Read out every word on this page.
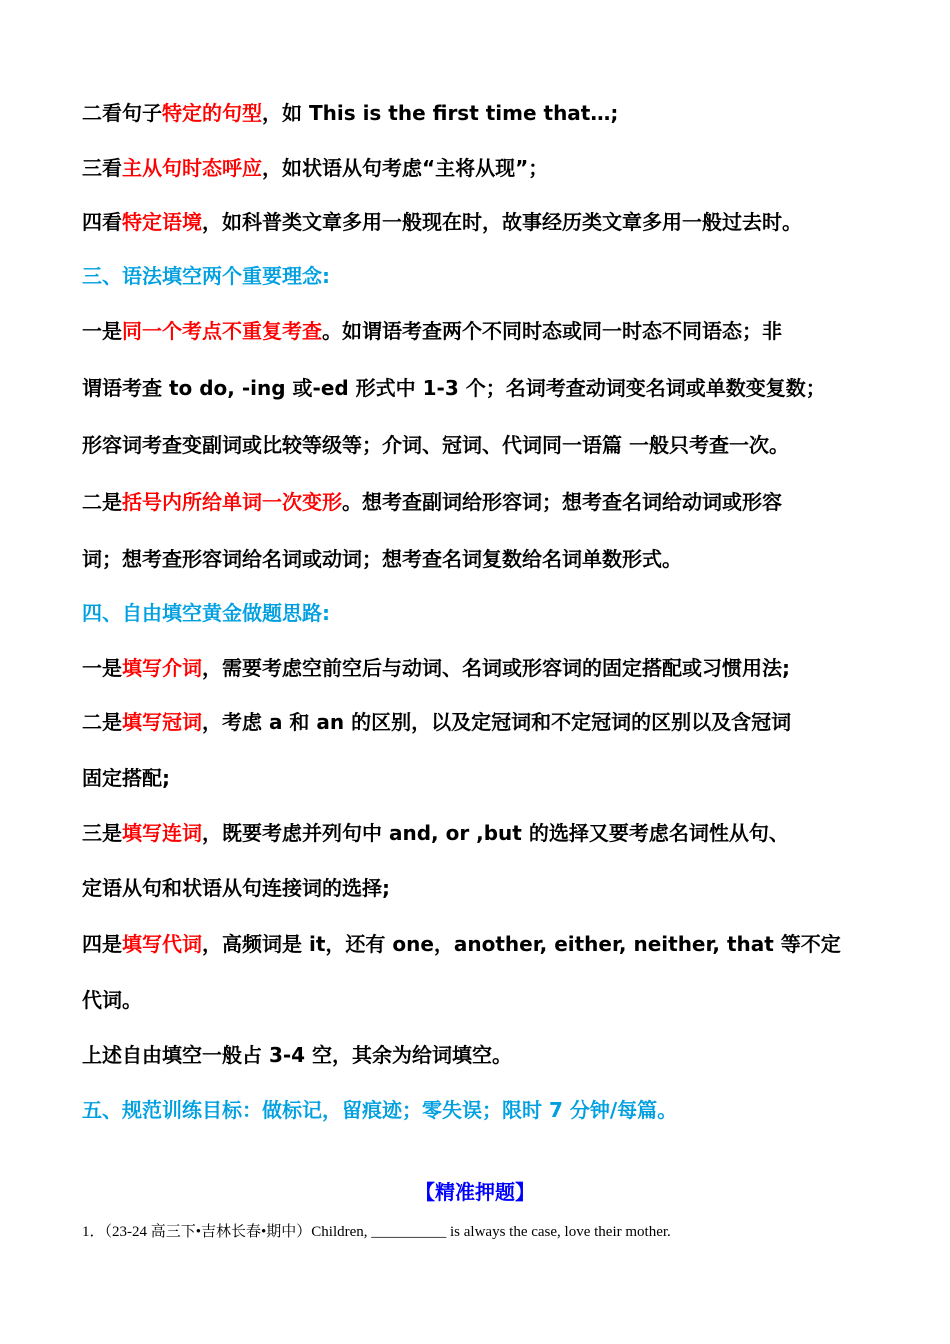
二看句子特定的句型，如 This is the first time that…;
三看主从句时态呼应，如状语从句考虑“主将从现”；
四看特定语境，如科普类文章多用一般现在时，故事经历类文章多用一般过去时。
三、语法填空两个重要理念:
一是同一个考点不重复考查。如谓语考查两个不同时态或同一时态不同语态；非
谓语考查 to do, -ing 或-ed 形式中 1-3 个；名词考查动词变名词或单数变复数；
形容词考查变副词或比较等级等；介词、冠词、代词同一语篇 一般只考查一次。
二是括号内所给单词一次变形。想考查副词给形容词；想考查名词给动词或形容
词；想考查形容词给名词或动词；想考查名词复数给名词单数形式。
四、自由填空黄金做题思路:
一是填写介词，需要考虑空前空后与动词、名词或形容词的固定搭配或习惯用法;
二是填写冠词，考虑 a 和 an 的区别，以及定冠词和不定冠词的区别以及含冠词
固定搭配;
三是填写连词，既要考虑并列句中 and, or ,but 的选择又要考虑名词性从句、
定语从句和状语从句连接词的选择;
四是填写代词，高频词是 it，还有 one，another, either, neither, that 等不定
代词。
上述自由填空一般占 3-4 空，其余为给词填空。
五、规范训练目标：做标记，留痕迹；零失误；限时 7 分钟/每篇。
【精准押题】
1．（23-24 高三下•吉林长春•期中）Children, __________ is always the case, love their mother.
